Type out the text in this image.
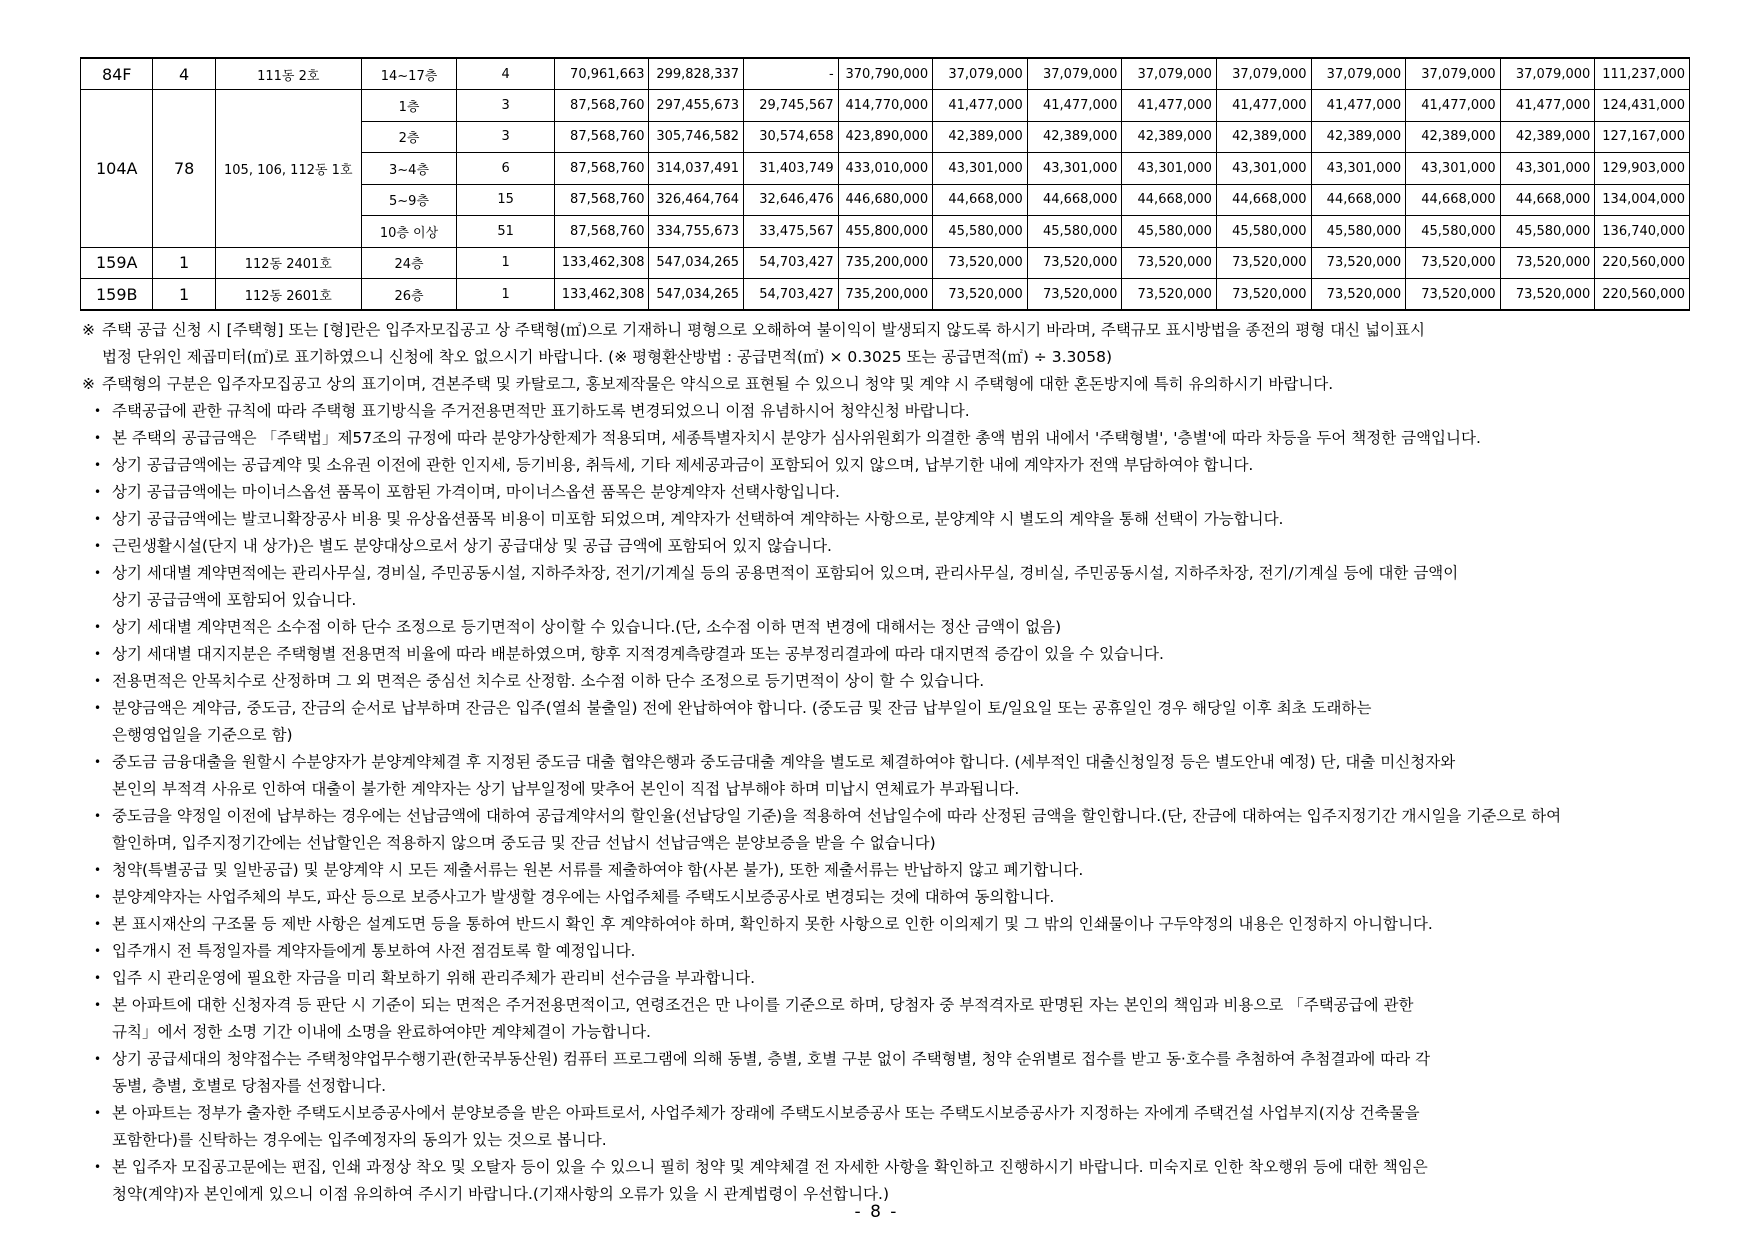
84F	4	111동 2호	14~17층	4	70,961,663	299,828,337	-	370,790,000	37,079,000	37,079,000	37,079,000	37,079,000	37,079,000	37,079,000	37,079,000	111,237,000
104A	78	105, 106, 112동 1호	1층	3	87,568,760	297,455,673	29,745,567	414,770,000	41,477,000	41,477,000	41,477,000	41,477,000	41,477,000	41,477,000	41,477,000	124,431,000
			2층	3	87,568,760	305,746,582	30,574,658	423,890,000	42,389,000	42,389,000	42,389,000	42,389,000	42,389,000	42,389,000	42,389,000	127,167,000
			3~4층	6	87,568,760	314,037,491	31,403,749	433,010,000	43,301,000	43,301,000	43,301,000	43,301,000	43,301,000	43,301,000	43,301,000	129,903,000
			5~9층	15	87,568,760	326,464,764	32,646,476	446,680,000	44,668,000	44,668,000	44,668,000	44,668,000	44,668,000	44,668,000	44,668,000	134,004,000
			10층 이상	51	87,568,760	334,755,673	33,475,567	455,800,000	45,580,000	45,580,000	45,580,000	45,580,000	45,580,000	45,580,000	45,580,000	136,740,000
159A	1	112동 2401호	24층	1	133,462,308	547,034,265	54,703,427	735,200,000	73,520,000	73,520,000	73,520,000	73,520,000	73,520,000	73,520,000	73,520,000	220,560,000
159B	1	112동 2601호	26층	1	133,462,308	547,034,265	54,703,427	735,200,000	73,520,000	73,520,000	73,520,000	73,520,000	73,520,000	73,520,000	73,520,000	220,560,000
※ 주택 공급 신청 시 [주택형] 또는 [형]란은 입주자모집공고 상 주택형(㎡)으로 기재하니 평형으로 오해하여 불이익이 발생되지 않도록 하시기 바라며, 주택규모 표시방법을 종전의 평형 대신 넓이표시
법정 단위인 제곱미터(㎡)로 표기하였으니 신청에 착오 없으시기 바랍니다. (※ 평형환산방법 : 공급면적(㎡) × 0.3025 또는 공급면적(㎡) ÷ 3.3058)
※ 주택형의 구분은 입주자모집공고 상의 표기이며, 견본주택 및 카탈로그, 홍보제작물은 약식으로 표현될 수 있으니 청약 및 계약 시 주택형에 대한 혼돈방지에 특히 유의하시기 바랍니다.
• 주택공급에 관한 규칙에 따라 주택형 표기방식을 주거전용면적만 표기하도록 변경되었으니 이점 유념하시어 청약신청 바랍니다.
• 본 주택의 공급금액은 「주택법」제57조의 규정에 따라 분양가상한제가 적용되며, 세종특별자치시 분양가 심사위원회가 의결한 총액 범위 내에서 '주택형별', '층별'에 따라 차등을 두어 책정한 금액입니다.
• 상기 공급금액에는 공급계약 및 소유권 이전에 관한 인지세, 등기비용, 취득세, 기타 제세공과금이 포함되어 있지 않으며, 납부기한 내에 계약자가 전액 부담하여야 합니다.
• 상기 공급금액에는 마이너스옵션 품목이 포함된 가격이며, 마이너스옵션 품목은 분양계약자 선택사항입니다.
• 상기 공급금액에는 발코니확장공사 비용 및 유상옵션품목 비용이 미포함 되었으며, 계약자가 선택하여 계약하는 사항으로, 분양계약 시 별도의 계약을 통해 선택이 가능합니다.
• 근린생활시설(단지 내 상가)은 별도 분양대상으로서 상기 공급대상 및 공급 금액에 포함되어 있지 않습니다.
• 상기 세대별 계약면적에는 관리사무실, 경비실, 주민공동시설, 지하주차장, 전기/기계실 등의 공용면적이 포함되어 있으며, 관리사무실, 경비실, 주민공동시설, 지하주차장, 전기/기계실 등에 대한 금액이
상기 공급금액에 포함되어 있습니다.
• 상기 세대별 계약면적은 소수점 이하 단수 조정으로 등기면적이 상이할 수 있습니다.(단, 소수점 이하 면적 변경에 대해서는 정산 금액이 없음)
• 상기 세대별 대지지분은 주택형별 전용면적 비율에 따라 배분하였으며, 향후 지적경계측량결과 또는 공부정리결과에 따라 대지면적 증감이 있을 수 있습니다.
• 전용면적은 안목치수로 산정하며 그 외 면적은 중심선 치수로 산정함. 소수점 이하 단수 조정으로 등기면적이 상이 할 수 있습니다.
• 분양금액은 계약금, 중도금, 잔금의 순서로 납부하며 잔금은 입주(열쇠 불출일) 전에 완납하여야 합니다. (중도금 및 잔금 납부일이 토/일요일 또는 공휴일인 경우 해당일 이후 최초 도래하는
은행영업일을 기준으로 함)
• 중도금 금융대출을 원할시 수분양자가 분양계약체결 후 지정된 중도금 대출 협약은행과 중도금대출 계약을 별도로 체결하여야 합니다. (세부적인 대출신청일정 등은 별도안내 예정) 단, 대출 미신청자와
본인의 부적격 사유로 인하여 대출이 불가한 계약자는 상기 납부일정에 맞추어 본인이 직접 납부해야 하며 미납시 연체료가 부과됩니다.
• 중도금을 약정일 이전에 납부하는 경우에는 선납금액에 대하여 공급계약서의 할인율(선납당일 기준)을 적용하여 선납일수에 따라 산정된 금액을 할인합니다.(단, 잔금에 대하여는 입주지정기간 개시일을 기준으로 하여
할인하며, 입주지정기간에는 선납할인은 적용하지 않으며 중도금 및 잔금 선납시 선납금액은 분양보증을 받을 수 없습니다)
• 청약(특별공급 및 일반공급) 및 분양계약 시 모든 제출서류는 원본 서류를 제출하여야 함(사본 불가), 또한 제출서류는 반납하지 않고 폐기합니다.
• 분양계약자는 사업주체의 부도, 파산 등으로 보증사고가 발생할 경우에는 사업주체를 주택도시보증공사로 변경되는 것에 대하여 동의합니다.
• 본 표시재산의 구조물 등 제반 사항은 설계도면 등을 통하여 반드시 확인 후 계약하여야 하며, 확인하지 못한 사항으로 인한 이의제기 및 그 밖의 인쇄물이나 구두약정의 내용은 인정하지 아니합니다.
• 입주개시 전 특정일자를 계약자들에게 통보하여 사전 점검토록 할 예정입니다.
• 입주 시 관리운영에 필요한 자금을 미리 확보하기 위해 관리주체가 관리비 선수금을 부과합니다.
• 본 아파트에 대한 신청자격 등 판단 시 기준이 되는 면적은 주거전용면적이고, 연령조건은 만 나이를 기준으로 하며, 당첨자 중 부적격자로 판명된 자는 본인의 책임과 비용으로 「주택공급에 관한
규칙」에서 정한 소명 기간 이내에 소명을 완료하여야만 계약체결이 가능합니다.
• 상기 공급세대의 청약접수는 주택청약업무수행기관(한국부동산원) 컴퓨터 프로그램에 의해 동별, 층별, 호별 구분 없이 주택형별, 청약 순위별로 접수를 받고 동·호수를 추첨하여 추첨결과에 따라 각
동별, 층별, 호별로 당첨자를 선정합니다.
• 본 아파트는 정부가 출자한 주택도시보증공사에서 분양보증을 받은 아파트로서, 사업주체가 장래에 주택도시보증공사 또는 주택도시보증공사가 지정하는 자에게 주택건설 사업부지(지상 건축물을
포함한다)를 신탁하는 경우에는 입주예정자의 동의가 있는 것으로 봅니다.
• 본 입주자 모집공고문에는 편집, 인쇄 과정상 착오 및 오탈자 등이 있을 수 있으니 필히 청약 및 계약체결 전 자세한 사항을 확인하고 진행하시기 바랍니다. 미숙지로 인한 착오행위 등에 대한 책임은
청약(계약)자 본인에게 있으니 이점 유의하여 주시기 바랍니다.(기재사항의 오류가 있을 시 관계법령이 우선합니다.)
- 8 -
